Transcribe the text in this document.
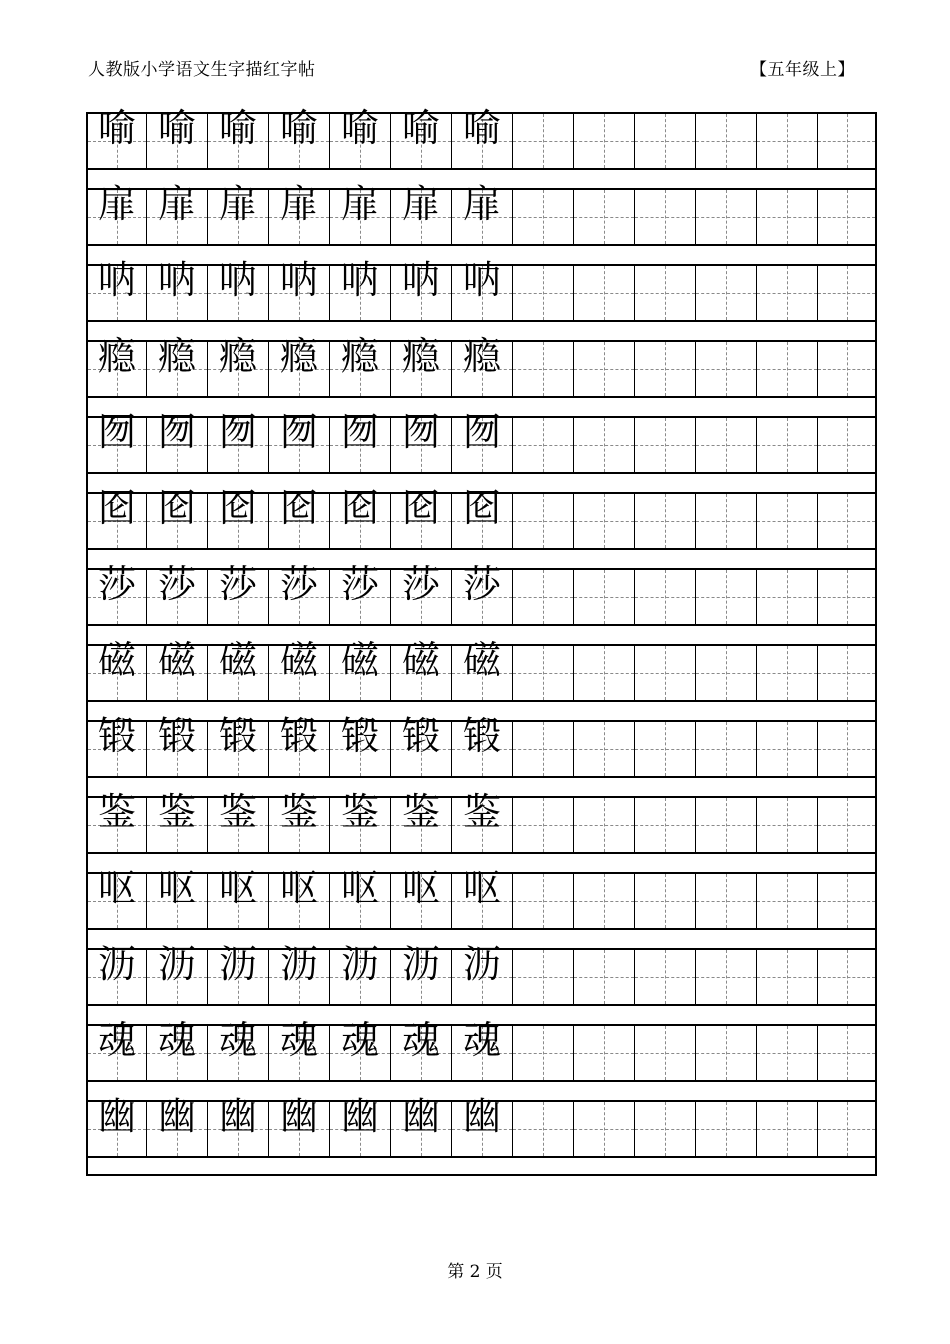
人教版小学语文生字描红字帖	【五年级上】
喻 喻 喻 喻 喻 喻 喻
扉 扉 扉 扉 扉 扉 扉
呐 呐 呐 呐 呐 呐 呐
瘾 瘾 瘾 瘾 瘾 瘾 瘾
囫 囫 囫 囫 囫 囫 囫
囵 囵 囵 囵 囵 囵 囵
莎 莎 莎 莎 莎 莎 莎
磁 磁 磁 磁 磁 磁 磁
锻 锻 锻 锻 锻 锻 锻
鉴 鉴 鉴 鉴 鉴 鉴 鉴
呕 呕 呕 呕 呕 呕 呕
沥 沥 沥 沥 沥 沥 沥
魂 魂 魂 魂 魂 魂 魂
幽 幽 幽 幽 幽 幽 幽
第 2 页
